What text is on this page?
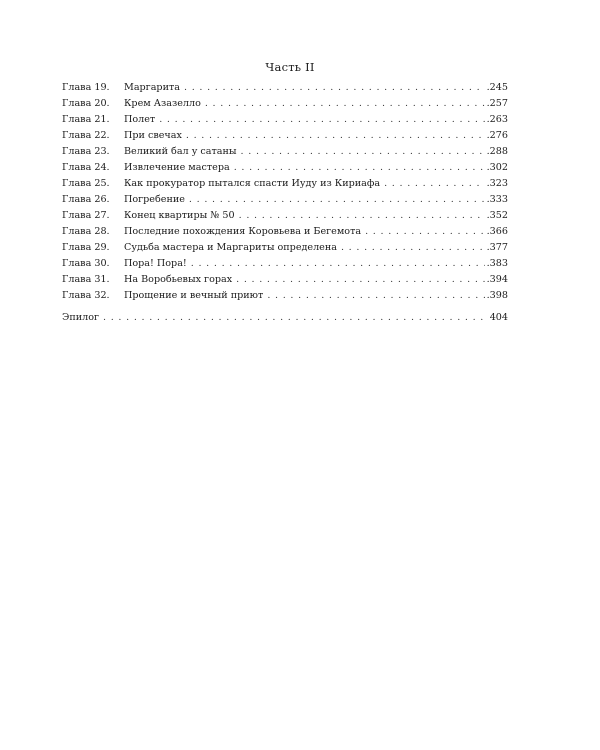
Часть II
Глава 19.	Маргарита . . .	.245
Глава 20.	Крем Азазелло . . .	.257
Глава 21.	Полет . . .	.263
Глава 22.	При свечах . . .	.276
Глава 23.	Великий бал у сатаны . . .	.288
Глава 24.	Извлечение мастера . . .	.302
Глава 25.	Как прокуратор пытался спасти Иуду из Кириафа . . .	.323
Глава 26.	Погребение . . .	.333
Глава 27.	Конец квартиры № 50 . . .	.352
Глава 28.	Последние похождения Коровьева и Бегемота . . .	.366
Глава 29.	Судьба мастера и Маргариты определена . . .	.377
Глава 30.	Пора! Пора! . . .	.383
Глава 31.	На Воробьевых горах . . .	.394
Глава 32.	Прощение и вечный приют . . .	.398
Эпилог . . .	404
